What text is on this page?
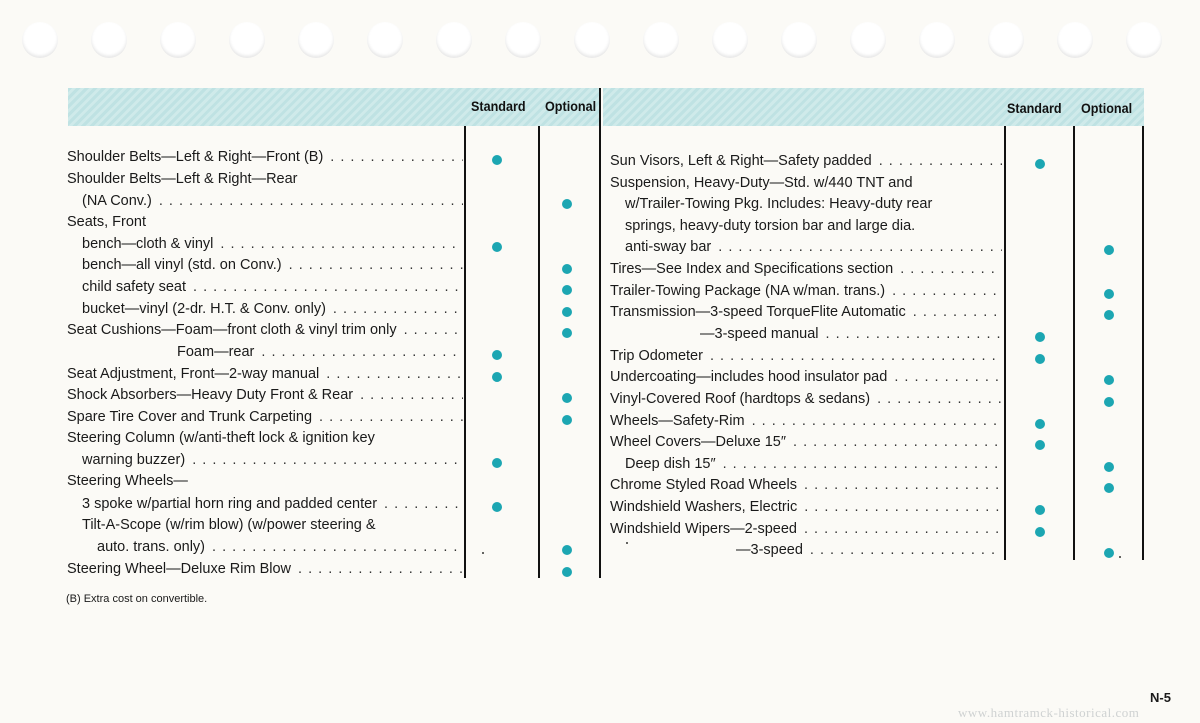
Standard Optional	Standard Optional
Shoulder Belts—Left & Right—Front (B) . . .
Shoulder Belts—Left & Right—Rear
(NA Conv.) . . .
Seats, Front
bench—cloth & vinyl . . .
bench—all vinyl (std. on Conv.) . . .
child safety seat . . .
bucket—vinyl (2-dr. H.T. & Conv. only) . . .
Seat Cushions—Foam—front cloth & vinyl trim only . . .
Foam—rear . . .
Seat Adjustment, Front—2-way manual . . .
Shock Absorbers—Heavy Duty Front & Rear . . .
Spare Tire Cover and Trunk Carpeting . . .
Steering Column (w/anti-theft lock & ignition key
warning buzzer) . . .
Steering Wheels—
3 spoke w/partial horn ring and padded center . . .
Tilt-A-Scope (w/rim blow) (w/power steering &
auto. trans. only) . . .
Steering Wheel—Deluxe Rim Blow . . .
Sun Visors, Left & Right—Safety padded . . .
Suspension, Heavy-Duty—Std. w/440 TNT and
w/Trailer-Towing Pkg. Includes: Heavy-duty rear
springs, heavy-duty torsion bar and large dia.
anti-sway bar . . .
Tires—See Index and Specifications section . . .
Trailer-Towing Package (NA w/man. trans.) . . .
Transmission—3-speed TorqueFlite Automatic . . .
—3-speed manual . . .
Trip Odometer . . .
Undercoating—includes hood insulator pad . . .
Vinyl-Covered Roof (hardtops & sedans) . . .
Wheels—Safety-Rim . . .
Wheel Covers—Deluxe 15″ . . .
Deep dish 15″ . . .
Chrome Styled Road Wheels . . .
Windshield Washers, Electric . . .
Windshield Wipers—2-speed . . .
—3-speed . . .
(B) Extra cost on convertible.
N-5
www.hamtramck-historical.com
